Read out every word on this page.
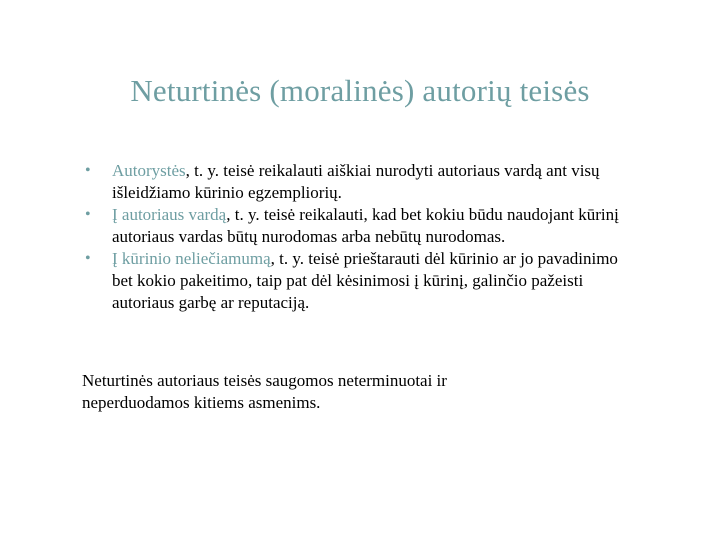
Neturtinės (moralinės) autorių teisės
• Autorystės, t. y. teisė reikalauti aiškiai nurodyti autoriaus vardą ant visų išleidžiamo kūrinio egzempliorių.
• Į autoriaus vardą, t. y. teisė reikalauti, kad bet kokiu būdu naudojant kūrinį autoriaus vardas būtų nurodomas arba nebūtų nurodomas.
• Į kūrinio neliečiamumą, t. y. teisė prieštarauti dėl kūrinio ar jo pavadinimo bet kokio pakeitimo, taip pat dėl kėsinimosi į kūrinį, galinčio pažeisti autoriaus garbę ar reputaciją.
Neturtinės autoriaus teisės saugomos neterminuotai ir neperduodamos kitiems asmenims.
